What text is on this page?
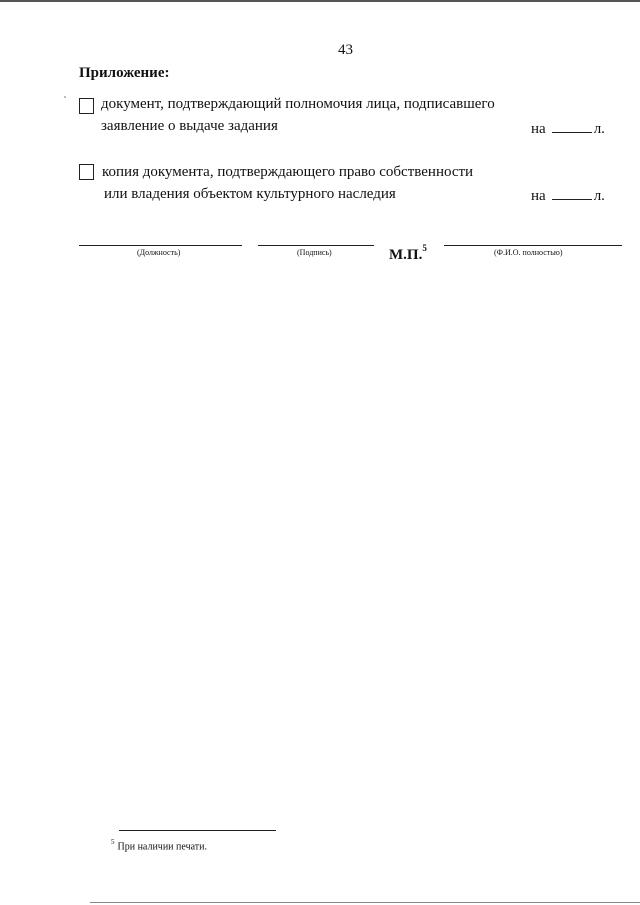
43
Приложение:
документ, подтверждающий полномочия лица, подписавшего
заявление о выдаче задания	на	л.
копия документа, подтверждающего право собственности
или владения объектом культурного наследия	на	л.
(Должность)	(Подпись)	М.П.$^5$	(Ф.И.О. полностью)
$^5$ При наличии печати.
